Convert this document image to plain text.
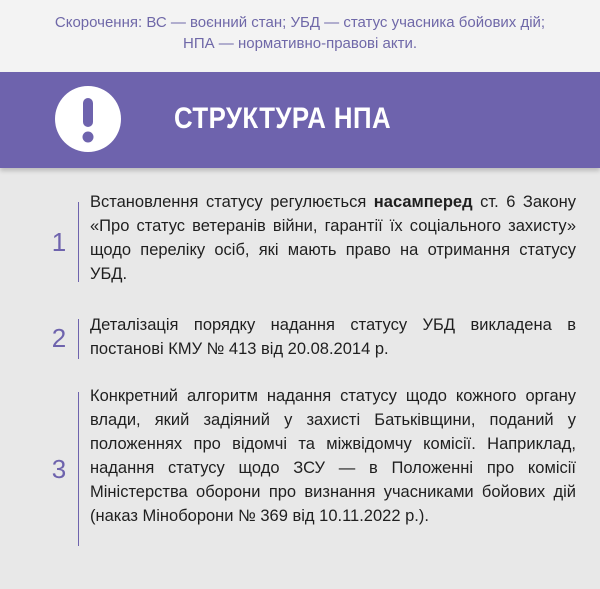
Скорочення: ВС — воєнний стан; УБД — статус учасника бойових дій;
НПА — нормативно-правові акти.
СТРУКТУРА НПА
1
Встановлення статусу регулюється насамперед ст. 6 Закону «Про статус ветеранів війни, гарантії їх соціального захисту» щодо переліку осіб, які мають право на отримання статусу УБД.
2	Деталізація порядку надання статусу УБД викладена в постанові КМУ № 413 від 20.08.2014 р.
3
Конкретний алгоритм надання статусу щодо кожного органу влади, який задіяний у захисті Батьківщини, поданий у положеннях про відомчі та міжвідомчу комісії. Наприклад, надання статусу щодо ЗСУ — в Положенні про комісії Міністерства оборони про визнання учасниками бойових дій (наказ Міноборони № 369 від 10.11.2022 р.).
